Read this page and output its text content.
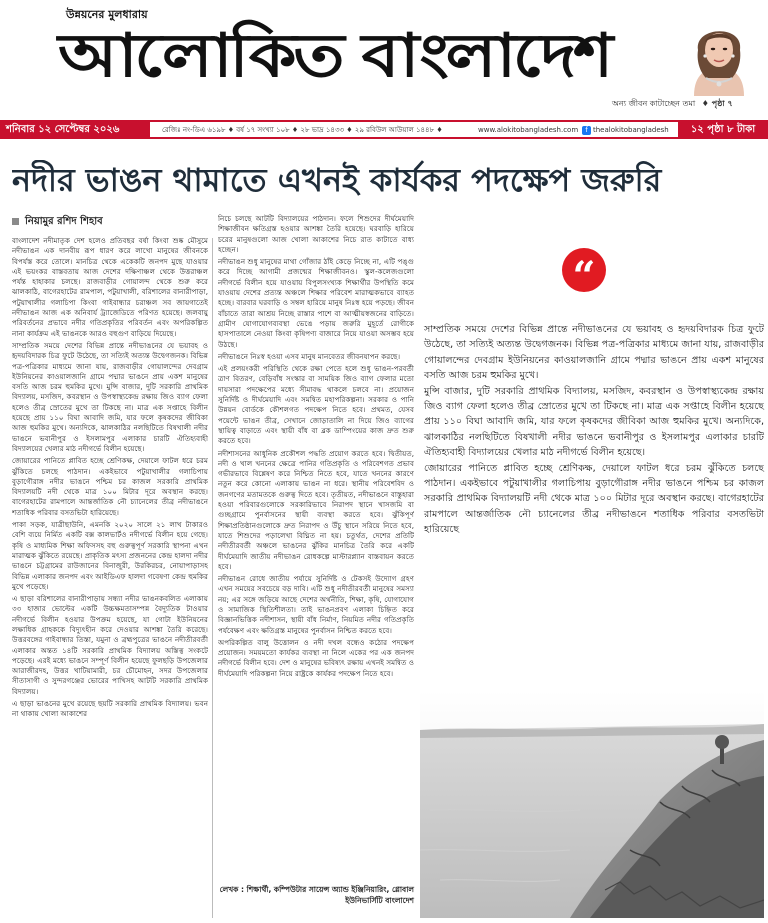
উন্নয়নের মুলধারায়
আলোকিত বাংলাদেশ
অন্য জীবন কাটাচ্ছেন তমা ♦ পৃষ্ঠা ৭
শনিবার ১২ সেপ্টেম্বর ২০২৬	রেজিঃ নং-ডিএ ৬১৯৮ ♦ বর্ষ ১৭ সংখ্যা ১০৮ ♦ ২৮ ভাদ্র ১৪৩৩ ♦ ২৯ রবিউল আউয়াল ১৪৪৮ ♦	www.alokitobangladesh.com	f thealokitobangladesh	১২ পৃষ্ঠা ৮ টাকা
নদীর ভাঙন থামাতে এখনই কার্যকর পদক্ষেপ জরুরি
নিয়ামুর রশিদ শিহাব

বাংলাদেশ নদীমাতৃক দেশ হলেও প্রতিবছর বর্ষা কিংবা শুষ্ক মৌসুমে নদীভাঙন এক দানবীয় রূপ ধারণ করে লাখো মানুষের জীবনকে বিপর্যস্ত করে তোলে। মানচিত্র থেকে একেকটি জনপদ মুছে যাওয়ার এই ভয়ংকর বাস্তবতায় আজ দেশের দক্ষিণাঞ্চল থেকে উত্তরাঞ্চল পর্যন্ত হাহাকার চলছে। রাজবাড়ীর গোয়ালন্দ থেকে শুরু করে ঝালকাঠি, বাগেরহাটের রামপাল, পটুয়াখালী, বরিশালের বানারীপাড়া, পটুয়াখালীর গলাচিপা কিংবা গাইবান্ধার চরাঞ্চল সব জায়গাতেই নদীভাঙন আজ এক অনিবার্য ট্র্যাজেডিতে পরিণত হয়েছে। জলবায়ু পরিবর্তনের প্রভাবে নদীর গতিপ্রকৃতির পরিবর্তন এবং অপরিকল্পিত নানা কার্যক্রম এই ভাঙনকে আরও বহুগুণ বাড়িয়ে দিয়েছে।

সাম্প্রতিক সময়ে দেশের বিভিন্ন প্রান্তে নদীভাঙনের যে ভয়াবহ ও হৃদয়বিদারক চিত্র ফুটে উঠেছে, তা সত্যিই অত্যন্ত উদ্বেগজনক। বিভিন্ন পত্র-পত্রিকার মাধ্যমে জানা যায়, রাজবাড়ীর গোয়ালন্দের দেবগ্রাম ইউনিয়নের কাওয়ালজানি গ্রামে পদ্মার ভাঙনে প্রায় একশ মানুষের বসতি আজ চরম হুমকির মুখে। মুন্সি বাজার, দুটি সরকারি প্রাথমিক বিদ্যালয়, মসজিদ, কবরস্থান ও উপস্বাস্থ্যকেন্দ্র রক্ষায় জিও ব্যাগ ফেলা হলেও তীব্র স্রোতের মুখে তা টিকছে না। মাত্র এক সপ্তাহে বিলীন হয়েছে প্রায় ১১০ বিঘা আবাদি জমি, যার ফলে কৃষকদের জীবিকা আজ হুমকির মুখে। অন্যদিকে, ঝালকাঠির নলছিটিতে বিষখালী নদীর ভাঙনে ভবানীপুর ও ইসলামপুর এলাকার চারটি ঐতিহ্যবাহী বিদ্যালয়ের খেলার মাঠ নদীগর্ভে বিলীন হয়েছে।

জোয়ারের পানিতে প্লাবিত হচ্ছে শ্রেণিকক্ষ, দেয়ালে ফাটল ধরে চরম ঝুঁকিতে চলছে পাঠদান। একইভাবে পটুয়াখালীর গলাচিপায় বুড়াগৌরাঙ্গ নদীর ভাঙনে পশ্চিম চর কাজল সরকারি প্রাথমিক বিদ্যালয়টি নদী থেকে মাত্র ১০০ মিটার দূরে অবস্থান করছে। বাগেরহাটের রামপালে আন্তর্জাতিক নৌ চ্যানেলের তীব্র নদীভাঙনে শতাধিক পরিবার বসতভিটা হারিয়েছে।

পাকা সড়ক, যাত্রীছাউনি, এমনকি ২০২০ সালে ২১ লাখ টাকারও বেশি ব্যয়ে নির্মিত একটি বক্স কালভার্টও নদীগর্ভে বিলীন হয়ে গেছে। কৃষি ও মাধ্যমিক শিক্ষা অফিসসহ বহু গুরুত্বপূর্ণ সরকারি স্থাপনা এখন মারাত্মক ঝুঁকিতে রয়েছে। প্রাকৃতিক মৎস্য প্রজননের কেন্দ্র হালদা নদীর ভাঙনে চট্টগ্রামের রাউজানের বিনাজুরী, উরকিরচর, নোয়াপাড়াসহ বিভিন্ন এলাকার জনপদ এবং আইডিএফ হালদা গবেষণা কেন্দ্র হুমকির মুখে পড়েছে।

এ ছাড়া বরিশালের বানারীপাড়ায় সন্ধ্যা নদীর ভাঙনকবলিত এলাকায় ৩৩ হাজার ভোল্টের একটি উচ্চক্ষমতাসম্পন্ন বৈদ্যুতিক টাওয়ার নদীগর্ভে বিলীন হওয়ার উপক্রম হয়েছে, যা গোটা ইউনিয়নের লক্ষাধিক গ্রাহককে বিদ্যুৎহীন করে দেওয়ার আশঙ্কা তৈরি করেছে। উত্তরবঙ্গের গাইবান্ধার তিস্তা, যমুনা ও ব্রহ্মপুত্রের ভাঙনে নদীতীরবর্তী এলাকার অন্তত ১৪টি সরকারি প্রাথমিক বিদ্যালয় অস্তিত্ব সংকটে পড়েছে। এরই মধ্যে ভাঙনে সম্পূর্ণ বিলীন হয়েছে ফুলছড়ি উপজেলার আরাজীরদহ, উত্তর খাটিয়ামারী, চর চৌমোহন, সদর উপজেলার সীতাসাগী ও সুন্দরগঞ্জের ভোরের পাখিসহ আটটি সরকারি প্রাথমিক বিদ্যালয়।

এ ছাড়া ভাঙনের মুখে রয়েছে ছয়টি সরকারি প্রাথমিক বিদ্যালয়। ভবন না থাকায় খোলা আকাশের

নিচে চলছে আটটি বিদ্যালয়ের পাঠদান। ফলে শিশুদের দীর্ঘমেয়াদি শিক্ষাজীবন ক্ষতিগ্রস্ত হওয়ার আশঙ্কা তৈরি হয়েছে। ঘরবাড়ি হারিয়ে চরের মানুষগুলো আজ খোলা আকাশের নিচে রাত কাটাতে বাধ্য হচ্ছেন।

নদীভাঙন শুধু মানুষের মাথা গোঁজার ঠাঁই কেড়ে নিচ্ছে না, এটি পঙ্গু করে দিচ্ছে আগামী প্রজন্মের শিক্ষাজীবনও। স্কুল-কলেজগুলো নদীগর্ভে বিলীন হয়ে যাওয়ায় বিপুলসংখ্যক শিক্ষার্থীর উপস্থিতি কমে যাওয়ায় দেশের প্রত্যন্ত অঞ্চলে শিক্ষার পরিবেশ মারাত্মকভাবে ব্যাহত হচ্ছে। বারবার ঘরবাড়ি ও সম্বল হারিয়ে মানুষ নিঃস্ব হয়ে পড়ছে। জীবন বাঁচাতে তারা আশ্রয় নিচ্ছে রাস্তার পাশে বা আত্মীয়স্বজনের বাড়িতে। গ্রামীণ যোগাযোগব্যবস্থা ভেঙে পড়ায় জরুরি মুহূর্তে রোগীকে হাসপাতালে নেওয়া কিংবা কৃষিপণ্য বাজারে নিয়ে যাওয়া অসম্ভব হয়ে উঠছে।

নদীভাঙনে নিঃস্ব হওয়া এসব মানুষ মানবেতর জীবনযাপন করছে।

এই প্রলয়ংকরী পরিস্থিতি থেকে রক্ষা পেতে হলে শুধু ভাঙন-পরবর্তী ত্রাণ বিতরণ, বেড়িবাঁধ সংস্কার বা সাময়িক জিও ব্যাগ ফেলার মতো দায়সারা পদক্ষেপের মধ্যে সীমাবদ্ধ থাকলে চলবে না। প্রয়োজন সুনির্দিষ্ট ও দীর্ঘমেয়াদি এবং সমন্বিত মহাপরিকল্পনা। সরকার ও পানি উন্নয়ন বোর্ডকে কৌশলগত পদক্ষেপ নিতে হবে। প্রথমত, যেসব পয়েন্টে ভাঙন তীব্র, সেখানে জোড়াতালি না দিয়ে জিও ব্যাগের স্থায়িত্ব বাড়াতে এবং স্থায়ী বাঁধ বা ব্লক ডাম্পিংয়ের কাজ দ্রুত শুরু করতে হবে।

নদীশাসনের আধুনিক প্রকৌশল পদ্ধতি প্রয়োগ করতে হবে। দ্বিতীয়ত, নদী ও খাল খননের ক্ষেত্রে পানির গতিপ্রকৃতি ও পরিবেশগত প্রভাব গভীরভাবে বিশ্লেষণ করে নিশ্চিত নিতে হবে, যাতে খননের কারণে নতুন করে কোনো এলাকায় ভাঙন না ধরে। স্থানীয় পরিবেশবিদ ও জনগণের মতামতকে গুরুত্ব দিতে হবে। তৃতীয়ত, নদীভাঙনে বাস্তুহারা হওয়া পরিবারগুলোকে সরকারিভাবে নিরাপদ স্থানে খাসজমি বা গুচ্ছগ্রামে পুনর্বাসনের স্থায়ী ব্যবস্থা করতে হবে। ঝুঁকিপূর্ণ শিক্ষাপ্রতিষ্ঠানগুলোকে দ্রুত নিরাপদ ও উঁচু স্থানে সরিয়ে নিতে হবে, যাতে শিশুদের পড়ালেখা বিঘ্নিত না হয়। চতুর্থত, দেশের প্রতিটি নদীতীরবর্তী অঞ্চলে ভাঙনের ঝুঁকির মানচিত্র তৈরি করে একটি দীর্ঘমেয়াদি জাতীয় নদীভাঙন রোধকল্পে মাস্টারপ্ল্যান বাস্তবায়ন করতে হবে।

নদীভাঙন রোধে জাতীয় পর্যায়ে সুনির্দিষ্ট ও টেকসই উদ্যোগ গ্রহণ এখন সময়ের সবচেয়ে বড় দাবি। এটি শুধু নদীতীরবর্তী মানুষের সমস্যা নয়; এর সঙ্গে জড়িয়ে আছে দেশের অর্থনীতি, শিক্ষা, কৃষি, যোগাযোগ ও সামাজিক স্থিতিশীলতা। তাই ভাঙনপ্রবণ এলাকা চিহ্নিত করে বিজ্ঞানভিত্তিক নদীশাসন, স্থায়ী বাঁধ নির্মাণ, নিয়মিত নদীর গতিপ্রকৃতি পর্যবেক্ষণ এবং ক্ষতিগ্রস্ত মানুষের পুনর্বাসন নিশ্চিত করতে হবে।

অপরিকল্পিত বালু উত্তোলন ও নদী দখল বন্ধেও কঠোর পদক্ষেপ প্রয়োজন। সময়মতো কার্যকর ব্যবস্থা না নিলে একের পর এক জনপদ নদীগর্ভে বিলীন হবে। দেশ ও মানুষের ভবিষ্যৎ রক্ষায় এখনই সমন্বিত ও দীর্ঘমেয়াদি পরিকল্পনা নিয়ে রাষ্ট্রকে কার্যকর পদক্ষেপ নিতে হবে।

লেখক : শিক্ষার্থী, কম্পিউটার সায়েন্স অ্যান্ড ইঞ্জিনিয়ারিং, গ্লোবাল ইউনিভার্সিটি বাংলাদেশ
“

সাম্প্রতিক সময়ে দেশের বিভিন্ন প্রান্তে নদীভাঙনের যে ভয়াবহ ও হৃদয়বিদারক চিত্র ফুটে উঠেছে, তা সত্যিই অত্যন্ত উদ্বেগজনক। বিভিন্ন পত্র-পত্রিকার মাধ্যমে জানা যায়, রাজবাড়ীর গোয়ালন্দের দেবগ্রাম ইউনিয়নের কাওয়ালজানি গ্রামে পদ্মার ভাঙনে প্রায় একশ মানুষের বসতি আজ চরম হুমকির মুখে।

মুন্সি বাজার, দুটি সরকারি প্রাথমিক বিদ্যালয়, মসজিদ, কবরস্থান ও উপস্বাস্থ্যকেন্দ্র রক্ষায় জিও ব্যাগ ফেলা হলেও তীব্র স্রোতের মুখে তা টিকছে না। মাত্র এক সপ্তাহে বিলীন হয়েছে প্রায় ১১০ বিঘা আবাদি জমি, যার ফলে কৃষকদের জীবিকা আজ হুমকির মুখে। অন্যদিকে, ঝালকাঠির নলছিটিতে বিষখালী নদীর ভাঙনে ভবানীপুর ও ইসলামপুর এলাকার চারটি ঐতিহ্যবাহী বিদ্যালয়ের খেলার মাঠ নদীগর্ভে বিলীন হয়েছে।

জোয়ারের পানিতে প্লাবিত হচ্ছে শ্রেণিকক্ষ, দেয়ালে ফাটল ধরে চরম ঝুঁকিতে চলছে পাঠদান। একইভাবে পটুয়াখালীর গলাচিপায় বুড়াগৌরাঙ্গ নদীর ভাঙনে পশ্চিম চর কাজল সরকারি প্রাথমিক বিদ্যালয়টি নদী থেকে মাত্র ১০০ মিটার দূরে অবস্থান করছে। বাগেরহাটের রামপালে আন্তর্জাতিক নৌ চ্যানেলের তীব্র নদীভাঙনে শতাধিক পরিবার বসতভিটা হারিয়েছে
